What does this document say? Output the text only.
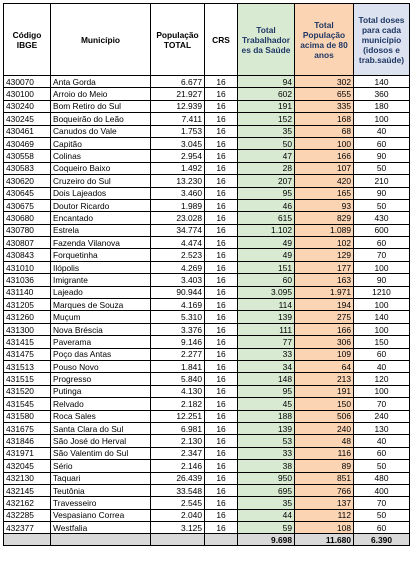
Código IBGE	Município	População TOTAL	CRS	Total Trabalhador es da Saúde	Total População acima de 80 anos	Total doses para cada município (idosos e trab.saúde)
430070	Anta Gorda	6.677	16	94	302	140
430100	Arroio do Meio	21.927	16	602	655	360
430240	Bom Retiro do Sul	12.939	16	191	335	180
430245	Boqueirão do Leão	7.411	16	152	168	100
430461	Canudos do Vale	1.753	16	35	68	40
430469	Capitão	3.045	16	50	100	60
430558	Colinas	2.954	16	47	166	90
430583	Coqueiro Baixo	1.492	16	28	107	50
430620	Cruzeiro do Sul	13.230	16	207	420	210
430645	Dois Lajeados	3.460	16	95	165	90
430675	Doutor Ricardo	1.989	16	46	93	50
430680	Encantado	23.028	16	615	829	430
430780	Estrela	34.774	16	1.102	1.089	600
430807	Fazenda Vilanova	4.474	16	49	102	60
430843	Forquetinha	2.523	16	49	129	70
431010	Ilópolis	4.269	16	151	177	100
431036	Imigrante	3.403	16	60	163	90
431140	Lajeado	90.944	16	3.095	1.971	1210
431205	Marques de Souza	4.169	16	114	194	100
431260	Muçum	5.310	16	139	275	140
431300	Nova Bréscia	3.376	16	111	166	100
431415	Paverama	9.146	16	77	306	150
431475	Poço das Antas	2.277	16	33	109	60
431513	Pouso Novo	1.841	16	34	64	40
431515	Progresso	5.840	16	148	213	120
431520	Putinga	4.130	16	95	191	100
431545	Relvado	2.182	16	45	150	70
431580	Roca Sales	12.251	16	188	506	240
431675	Santa Clara do Sul	6.981	16	139	240	130
431846	São José do Herval	2.130	16	53	48	40
431971	São Valentim do Sul	2.347	16	33	116	60
432045	Sério	2.146	16	38	89	50
432130	Taquari	26.439	16	950	851	480
432145	Teutônia	33.548	16	695	766	400
432162	Travesseiro	2.545	16	35	137	70
432285	Vespasiano Correa	2.040	16	44	112	50
432377	Westfalia	3.125	16	59	108	60
				9.698	11.680	6.390
